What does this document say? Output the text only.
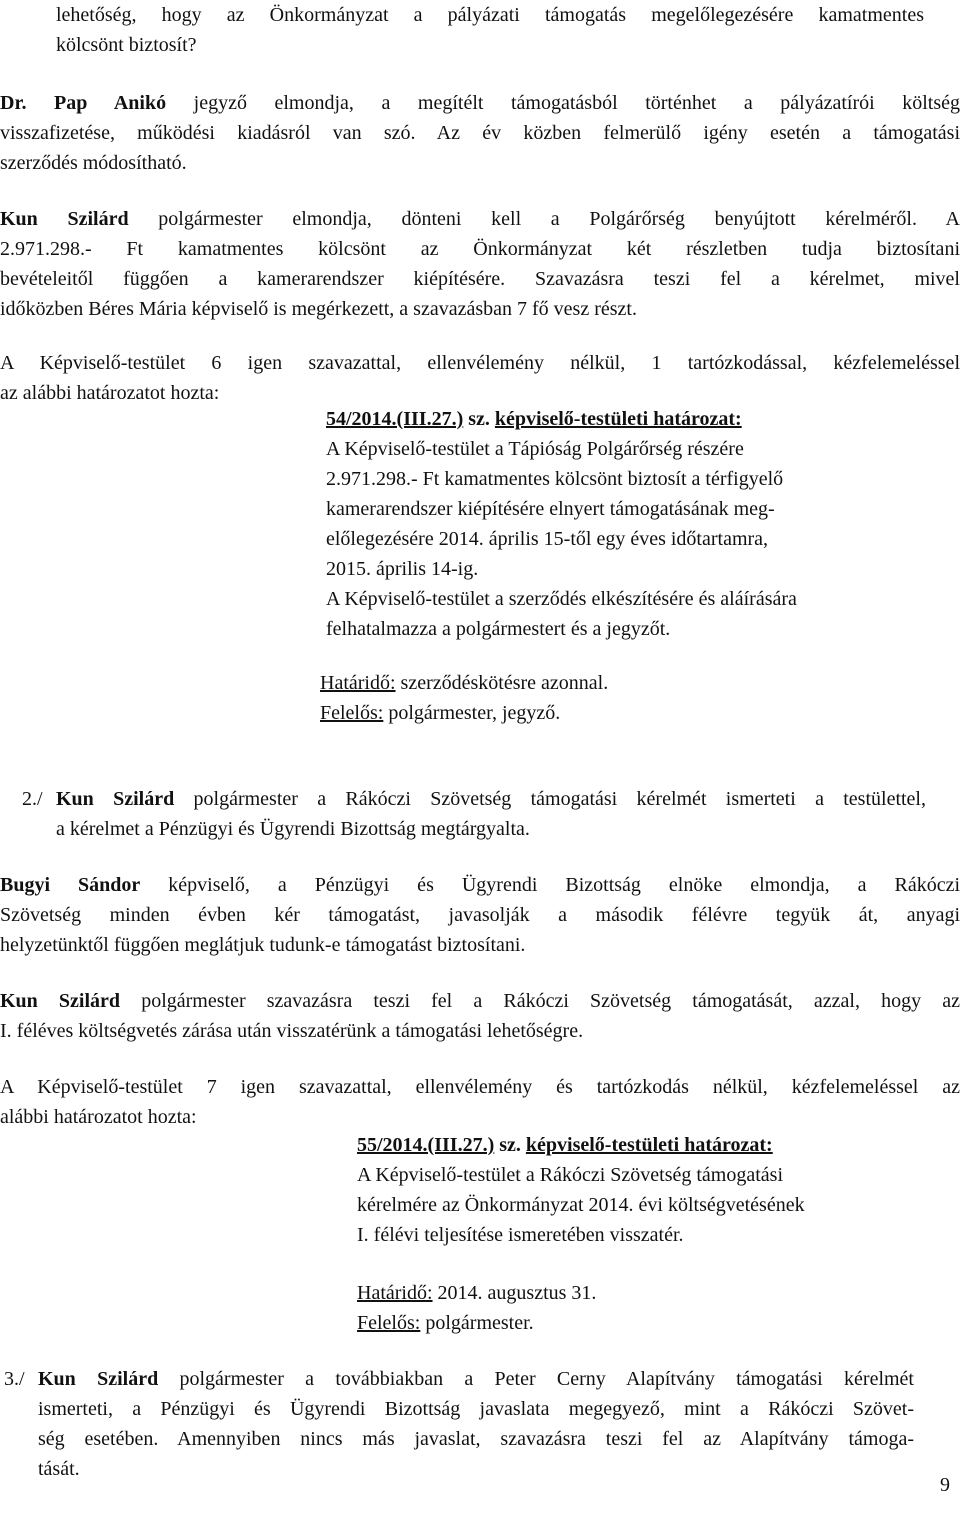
lehetőség, hogy az Önkormányzat a pályázati támogatás megelőlegezésére kamatmentes
kölcsönt biztosít?
Dr. Pap Anikó jegyző elmondja, a megítélt támogatásból történhet a pályázatírói költség
visszafizetése, működési kiadásról van szó. Az év közben felmerülő igény esetén a támogatási
szerződés módosítható.
Kun Szilárd polgármester elmondja, dönteni kell a Polgárőrség benyújtott kérelméről. A
2.971.298.- Ft kamatmentes kölcsönt az Önkormányzat két részletben tudja biztosítani
bevételeitől függően a kamerarendszer kiépítésére. Szavazásra teszi fel a kérelmet, mivel
időközben Béres Mária képviselő is megérkezett, a szavazásban 7 fő vesz részt.
A Képviselő-testület 6 igen szavazattal, ellenvélemény nélkül, 1 tartózkodással, kézfelemeléssel
az alábbi határozatot hozta:
54/2014.(III.27.) sz. képviselő-testületi határozat:
A Képviselő-testület a Tápióság Polgárőrség részére
2.971.298.- Ft kamatmentes kölcsönt biztosít a térfigyelő
kamerarendszer kiépítésére elnyert támogatásának meg-
előlegezésére 2014. április 15-től egy éves időtartamra,
2015. április 14-ig.
A Képviselő-testület a szerződés elkészítésére és aláírására
felhatalmazza a polgármestert és a jegyzőt.
Határidő: szerződéskötésre azonnal.
Felelős: polgármester, jegyző.
2./ Kun Szilárd polgármester a Rákóczi Szövetség támogatási kérelmét ismerteti a testülettel,
a kérelmet a Pénzügyi és Ügyrendi Bizottság megtárgyalta.
Bugyi Sándor képviselő, a Pénzügyi és Ügyrendi Bizottság elnöke elmondja, a Rákóczi
Szövetség minden évben kér támogatást, javasolják a második félévre tegyük át, anyagi
helyzetünktől függően meglátjuk tudunk-e támogatást biztosítani.
Kun Szilárd polgármester szavazásra teszi fel a Rákóczi Szövetség támogatását, azzal, hogy az
I. féléves költségvetés zárása után visszatérünk a támogatási lehetőségre.
A Képviselő-testület 7 igen szavazattal, ellenvélemény és tartózkodás nélkül, kézfelemeléssel az
alábbi határozatot hozta:
55/2014.(III.27.) sz. képviselő-testületi határozat:
A Képviselő-testület a Rákóczi Szövetség támogatási
kérelmére az Önkormányzat 2014. évi költségvetésének
I. félévi teljesítése ismeretében visszatér.
Határidő: 2014. augusztus 31.
Felelős: polgármester.
3./ Kun Szilárd polgármester a továbbiakban a Peter Cerny Alapítvány támogatási kérelmét
ismerteti, a Pénzügyi és Ügyrendi Bizottság javaslata megegyező, mint a Rákóczi Szövet-
ség esetében. Amennyiben nincs más javaslat, szavazásra teszi fel az Alapítvány támoga-
tását.
9
